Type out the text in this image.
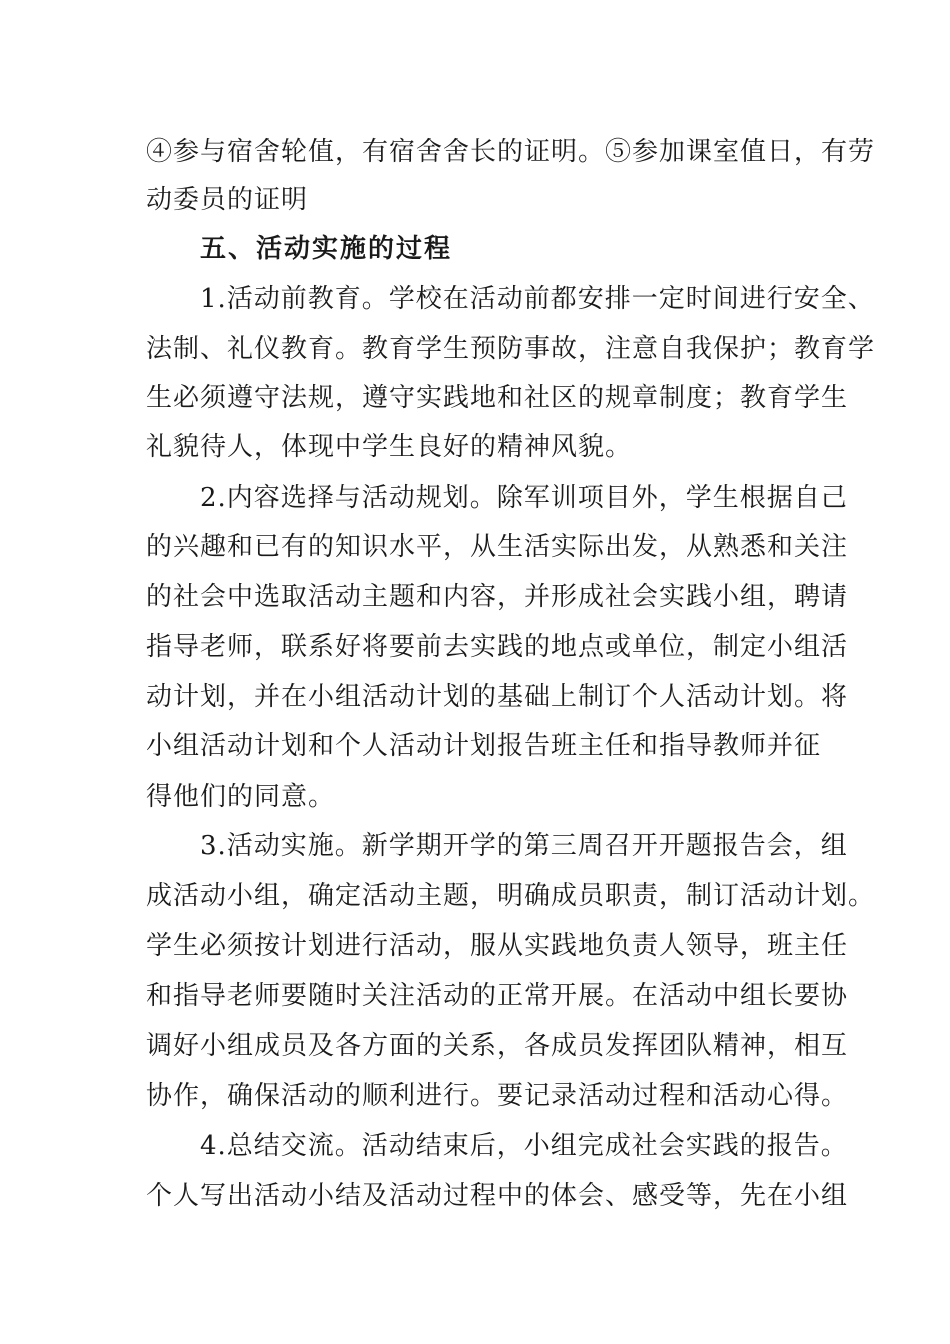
④参与宿舍轮值，有宿舍舍长的证明。⑤参加课室值日，有劳
动委员的证明
五、活动实施的过程
1.活动前教育。学校在活动前都安排一定时间进行安全、
法制、礼仪教育。教育学生预防事故，注意自我保护；教育学
生必须遵守法规，遵守实践地和社区的规章制度；教育学生
礼貌待人，体现中学生良好的精神风貌。
2.内容选择与活动规划。除军训项目外，学生根据自己
的兴趣和已有的知识水平，从生活实际出发，从熟悉和关注
的社会中选取活动主题和内容，并形成社会实践小组，聘请
指导老师，联系好将要前去实践的地点或单位，制定小组活
动计划，并在小组活动计划的基础上制订个人活动计划。将
小组活动计划和个人活动计划报告班主任和指导教师并征
得他们的同意。
3.活动实施。新学期开学的第三周召开开题报告会，组
成活动小组，确定活动主题，明确成员职责，制订活动计划。
学生必须按计划进行活动，服从实践地负责人领导，班主任
和指导老师要随时关注活动的正常开展。在活动中组长要协
调好小组成员及各方面的关系，各成员发挥团队精神，相互
协作，确保活动的顺利进行。要记录活动过程和活动心得。
4.总结交流。活动结束后，小组完成社会实践的报告。
个人写出活动小结及活动过程中的体会、感受等，先在小组
